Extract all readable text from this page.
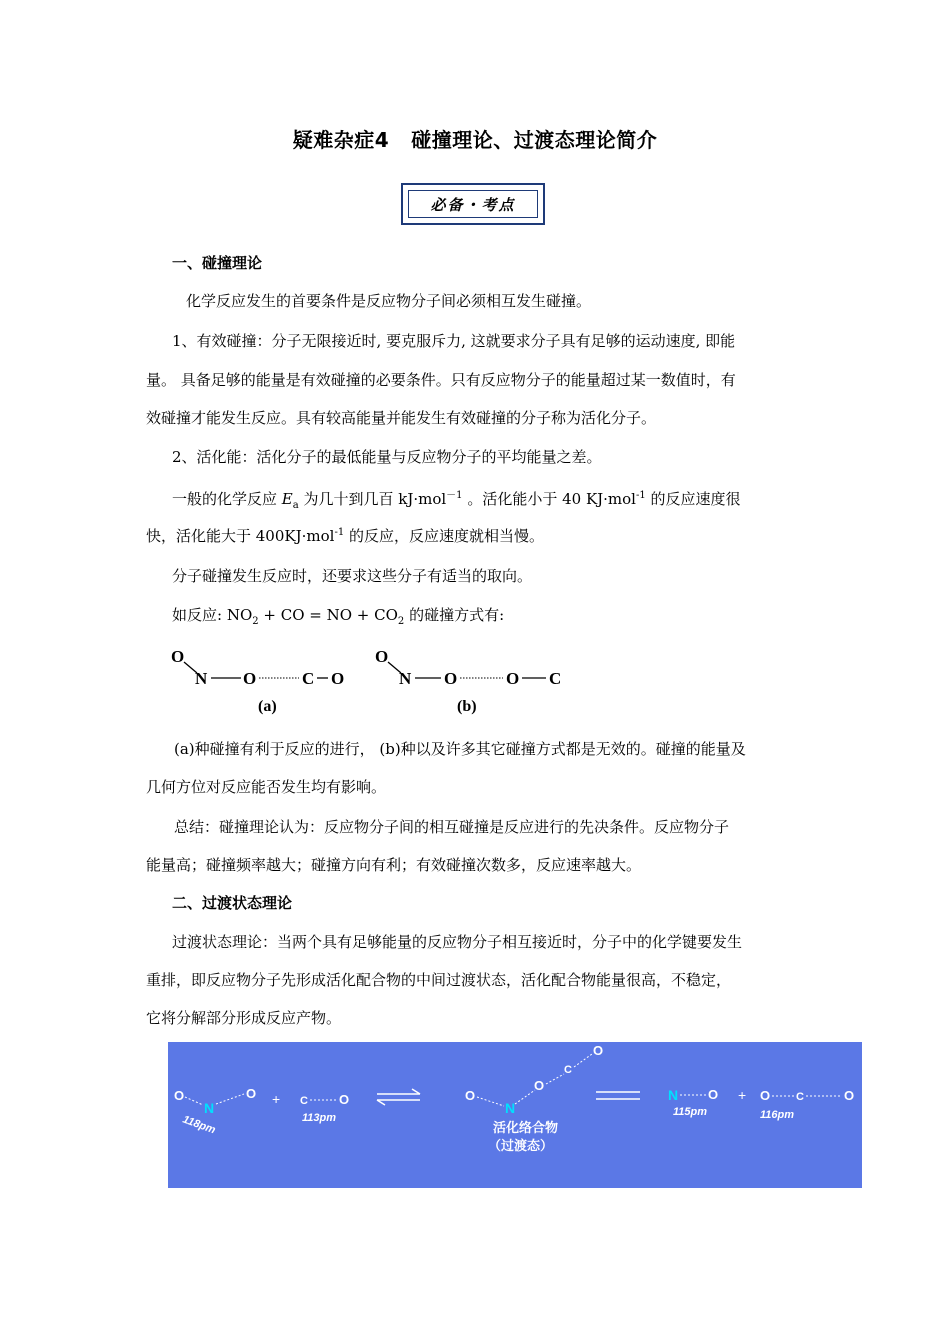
疑难杂症4 碰撞理论、过渡态理论简介
必备・考点
一、碰撞理论
化学反应发生的首要条件是反应物分子间必须相互发生碰撞。
1、有效碰撞：分子无限接近时, 要克服斥力, 这就要求分子具有足够的运动速度, 即能
量。 具备足够的能量是有效碰撞的必要条件。只有反应物分子的能量超过某一数值时，有
效碰撞才能发生反应。具有较高能量并能发生有效碰撞的分子称为活化分子。
2、活化能：活化分子的最低能量与反应物分子的平均能量之差。
一般的化学反应 $E_a$ 为几十到几百 kJ·mol$^{-1}$ 。活化能小于 40 KJ·mol$^{-1}$ 的反应速度很
快，活化能大于 400KJ·mol$^{-1}$ 的反应，反应速度就相当慢。
分子碰撞发生反应时，还要求这些分子有适当的取向。
如反应: $NO_2$ + CO = NO + $CO_2$ 的碰撞方式有:
O
N O	C O
(a)
O
N O	O C
(b)
(a)种碰撞有利于反应的进行， (b)种以及许多其它碰撞方式都是无效的。碰撞的能量及
几何方位对反应能否发生均有影响。
总结：碰撞理论认为：反应物分子间的相互碰撞是反应进行的先决条件。反应物分子
能量高；碰撞频率越大；碰撞方向有利；有效碰撞次数多，反应速率越大。
二、过渡状态理论
过渡状态理论：当两个具有足够能量的反应物分子相互接近时，分子中的化学键要发生
重排，即反应物分子先形成活化配合物的中间过渡状态，活化配合物能量很高，不稳定，
它将分解部分形成反应产物。
O
N
O
118pm
+ C O
113pm
O
N
O
C
O
活化络合物
（过渡态）
N O
115pm
+ O C	O
116pm
